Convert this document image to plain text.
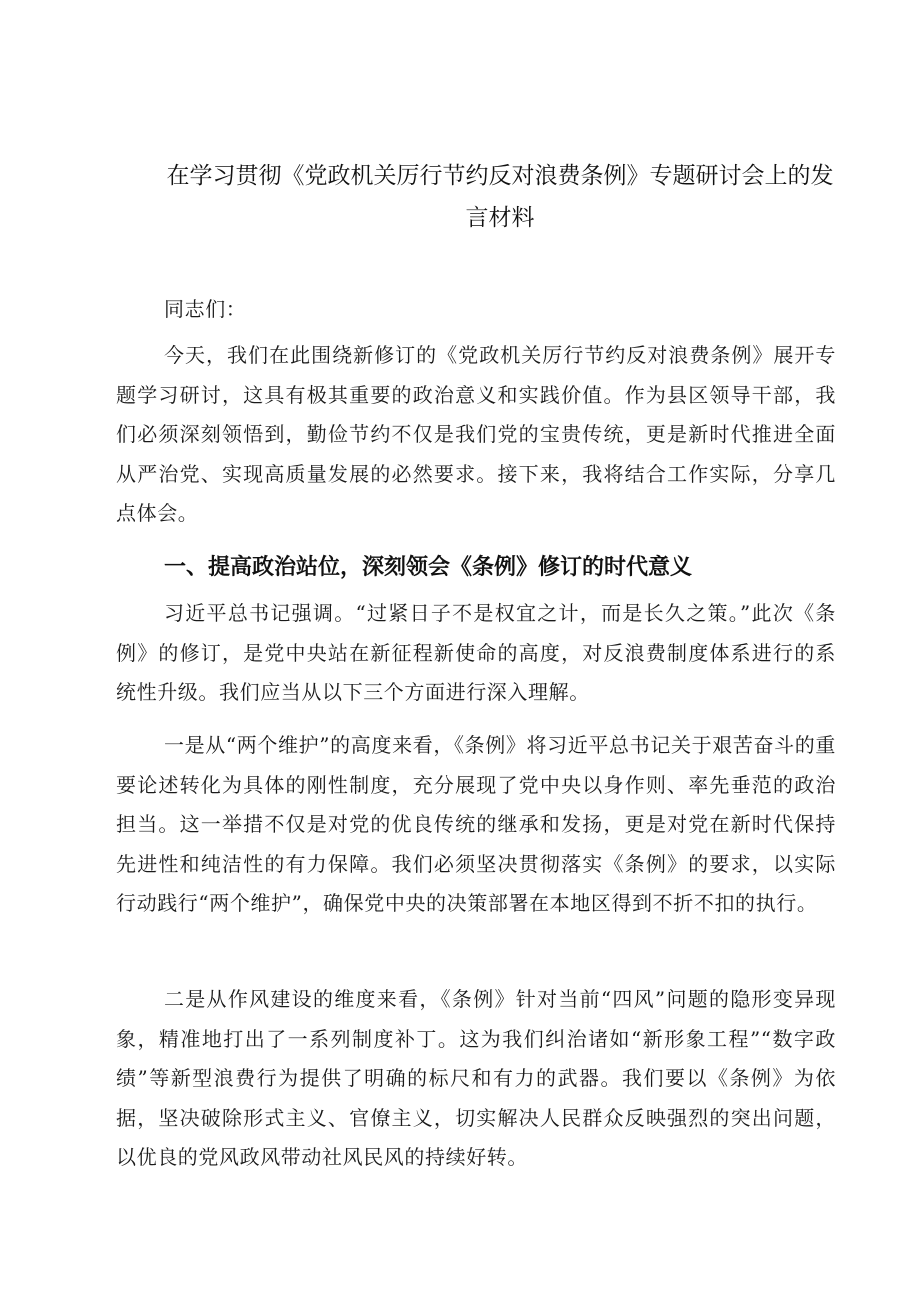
在学习贯彻《党政机关厉行节约反对浪费条例》专题研讨会上的发
言材料

同志们：

今天，我们在此围绕新修订的《党政机关厉行节约反对浪费条例》展开专题学习研讨，这具有极其重要的政治意义和实践价值。作为县区领导干部，我们必须深刻领悟到，勤俭节约不仅是我们党的宝贵传统，更是新时代推进全面从严治党、实现高质量发展的必然要求。接下来，我将结合工作实际，分享几点体会。

一、提高政治站位，深刻领会《条例》修订的时代意义

习近平总书记强调。“过紧日子不是权宜之计，而是长久之策。”此次《条例》的修订，是党中央站在新征程新使命的高度，对反浪费制度体系进行的系统性升级。我们应当从以下三个方面进行深入理解。

一是从“两个维护”的高度来看，《条例》将习近平总书记关于艰苦奋斗的重要论述转化为具体的刚性制度，充分展现了党中央以身作则、率先垂范的政治担当。这一举措不仅是对党的优良传统的继承和发扬，更是对党在新时代保持先进性和纯洁性的有力保障。我们必须坚决贯彻落实《条例》的要求，以实际行动践行“两个维护”，确保党中央的决策部署在本地区得到不折不扣的执行。

二是从作风建设的维度来看，《条例》针对当前“四风”问题的隐形变异现象，精准地打出了一系列制度补丁。这为我们纠治诸如“新形象工程”“数字政绩”等新型浪费行为提供了明确的标尺和有力的武器。我们要以《条例》为依据，坚决破除形式主义、官僚主义，切实解决人民群众反映强烈的突出问题，以优良的党风政风带动社风民风的持续好转。
